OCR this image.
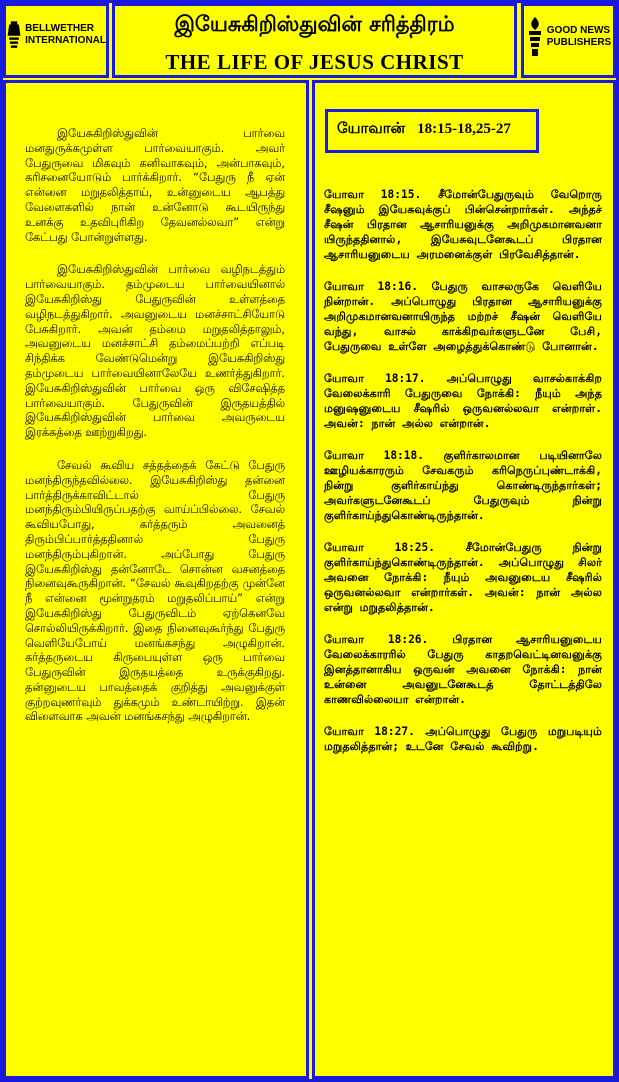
BELLWETHER
INTERNATIONAL
இயேசுகிறிஸ்துவின் சரித்திரம்
THE LIFE OF JESUS CHRIST
GOOD NEWS
PUBLISHERS

இயேசுகிறிஸ்துவின் பார்வை மனதுருக்கமுள்ள பார்வையாகும். அவர் பேதுருவை மிகவும் கனிவாகவும், அன்பாகவும், கரிசனையோடும் பார்க்கிறார். “பேதுரு நீ ஏன் என்னை மறுதலித்தாய், உன்னுடைய ஆபத்து வேளைகளில் நான் உன்னோடு கூடயிருந்து உனக்கு உதவிபுரிகிற தேவனல்லவா” என்று கேட்பது போன்றுள்ளது.

இயேசுகிறிஸ்துவின் பார்வை வழிநடத்தும் பார்வையாகும். தம்முடைய பார்வையினால் இயேசுகிறிஸ்து பேதுருவின் உள்ளத்தை வழிநடத்துகிறார். அவனுடைய மனச்சாட்சியோடு பேசுகிறார். அவன் தம்மை மறுதலித்தாலும், அவனுடைய மனச்சாட்சி தம்மைப்பற்றி எப்படி சிந்திக்க வேண்டுமென்று இயேசுகிறிஸ்து தம்முடைய பார்வையினாலேயே உணர்த்துகிறார். இயேசுகிறிஸ்துவின் பார்வை ஒரு விசேஷித்த பார்வையாகும். பேதுருவின் இருதயத்தில் இயேசுகிறிஸ்துவின் பார்வை அவருடைய இரக்கத்தை ஊற்றுகிறது.

சேவல் கூவிய சத்தத்தைக் கேட்டு பேதுரு மனந்திருந்தவில்லை. இயேசுகிறிஸ்து தன்னை பார்த்திருக்காவிட்டால் பேதுரு மனந்திரும்பியிருப்பதற்கு வாய்ப்பில்லை. சேவல் கூவியபோது, கர்த்தரும் அவனைத் திரும்பிப்பார்த்ததினால் பேதுரு மனந்திரும்புகிறான். அப்போது பேதுரு இயேசுகிறிஸ்து தன்னோடே சொன்ன வசனத்தை நினைவுகூருகிறான். “சேவல் கூவுகிறதற்கு முன்னே நீ என்னை மூன்றுதரம் மறுதலிப்பாய்” என்று இயேசுகிறிஸ்து பேதுருவிடம் ஏற்கெனவே சொல்லியிருக்கிறார். இதை நினைவுகூர்ந்து பேதுரு வெளியேபோய் மனங்கசந்து அழுகிறான். கர்த்தருடைய கிருபையுள்ள ஒரு பார்வை பேதுருவின் இருதயத்தை உருக்குகிறது. தன்னுடைய பாவத்தைக் குறித்து அவனுக்குள் குற்றவுணர்வும் துக்கமும் உண்டாயிற்று. இதன் விளைவாக அவன் மனங்கசந்து அழுகிறான்.

யோவான் 18:15-18,25-27

யோவா 18:15. சீமோன்பேதுருவும் வேறொரு சீஷனும் இயேசுவுக்குப் பின்சென்றார்கள். அந்தச் சீஷன் பிரதான ஆசாரியனுக்கு அறிமுகமானவனா யிருந்ததினால், இயேசுவுடனேகூடப் பிரதான ஆசாரியனுடைய அரமனைக்குள் பிரவேசித்தான்.

யோவா 18:16. பேதுரு வாசலருகே வெளியே நின்றான். அப்பொழுது பிரதான ஆசாரியனுக்கு அறிமுகமானவனாயிருந்த மற்றச் சீஷன் வெளியே வந்து, வாசல் காக்கிறவர்களுடனே பேசி, பேதுருவை உள்ளே அழைத்துக்கொண்டு போனான்.

யோவா 18:17. அப்பொழுது வாசல்காக்கிற வேலைக்காரி பேதுருவை நோக்கி: நீயும் அந்த மனுஷனுடைய சீஷரில் ஒருவனல்லவா என்றாள். அவன்: நான் அல்ல என்றான்.

யோவா 18:18. குளிர்காலமான படியினாலே ஊழியக்காரரும் சேவகரும் கரிநெருப்புண்டாக்கி, நின்று குளிர்காய்ந்து கொண்டிருந்தார்கள்; அவர்களுடனேகூடப் பேதுருவும் நின்று குளிர்காய்ந்துகொண்டிருந்தான்.

யோவா 18:25. சீமோன்பேதுரு நின்று குளிர்காய்ந்துகொண்டிருந்தான். அப்பொழுது சிலர் அவனை நோக்கி: நீயும் அவனுடைய சீஷரில் ஒருவனல்லவா என்றார்கள். அவன்: நான் அல்ல என்று மறுதலித்தான்.

யோவா 18:26. பிரதான ஆசாரியனுடைய வேலைக்காரரில் பேதுரு காதறவெட்டினவனுக்கு இனத்தானாகிய ஒருவன் அவனை நோக்கி: நான் உன்னை அவனுடனேகூடத் தோட்டத்திலே காணவில்லையா என்றான்.

யோவா 18:27. அப்பொழுது பேதுரு மறுபடியும் மறுதலித்தான்; உடனே சேவல் கூவிற்று.
